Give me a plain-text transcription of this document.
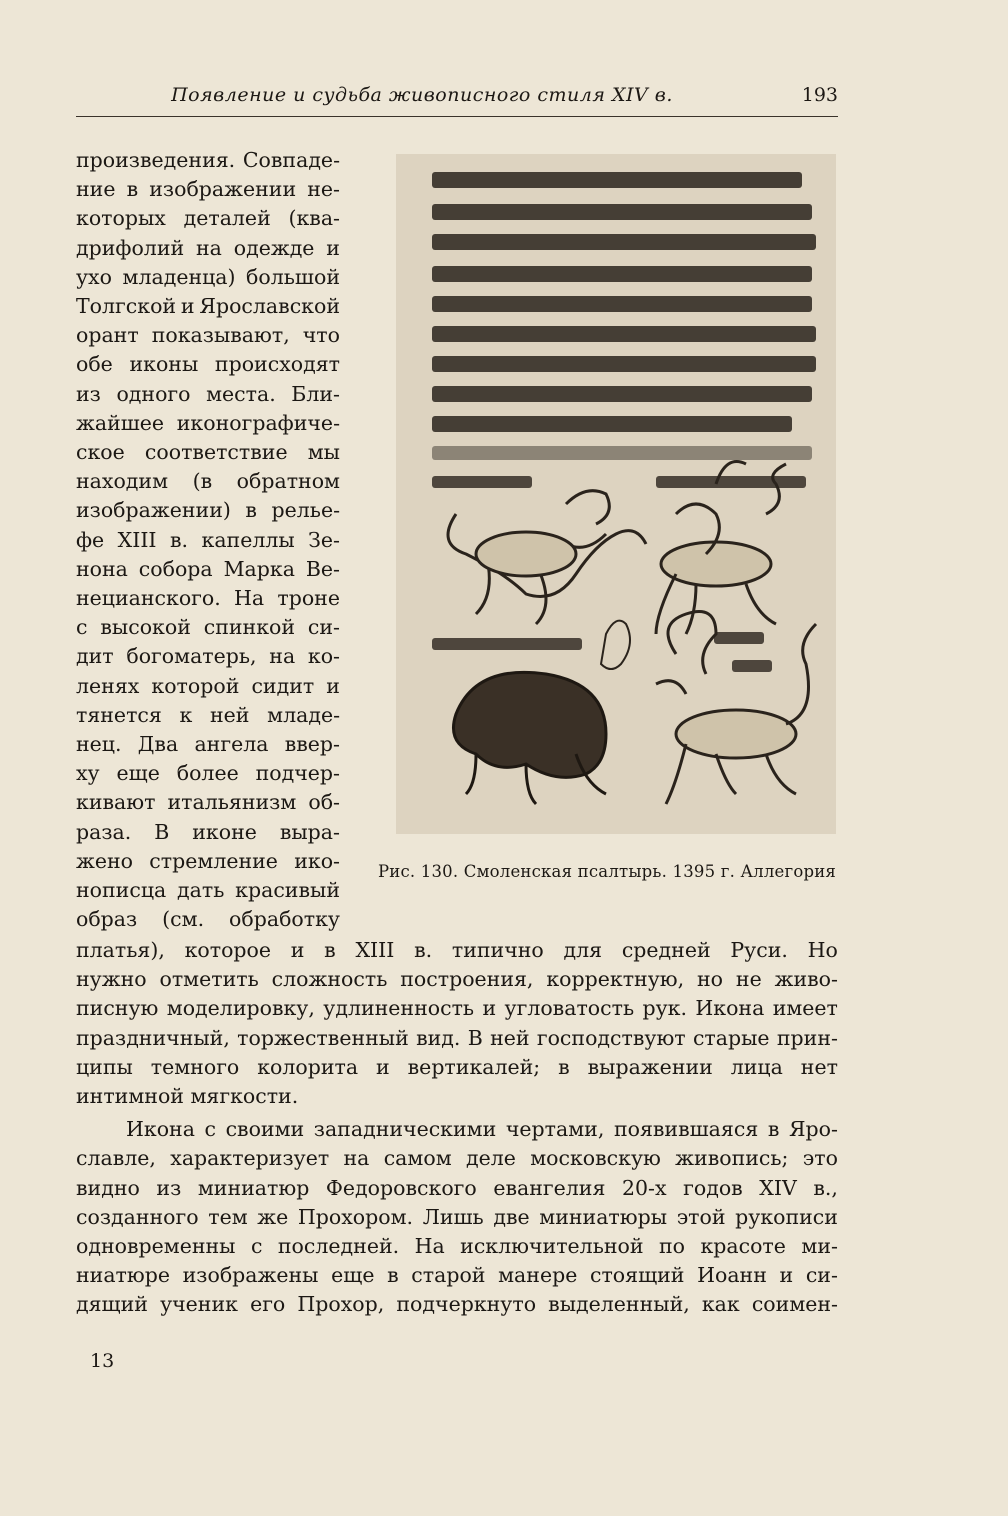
Появление и судьба живописного стиля XIV в.	193

произведения. Совпаде-
ние в изображении не-
которых деталей (ква-
дрифолий на одежде и
ухо младенца) большой
Толгской и Ярославской
орант показывают, что
обе иконы происходят
из одного места. Бли-
жайшее иконографиче-
ское соответствие мы
находим (в обратном
изображении) в релье-
фе XIII в. капеллы Зе-
нона собора Марка Ве-
нецианского. На троне
с высокой спинкой си-
дит богоматерь, на ко-
ленях которой сидит и
тянется к ней младе-
нец. Два ангела ввер-
ху еще более подчер-
кивают итальянизм об-
раза. В иконе выра-
жено стремление ико-
нописца дать красивый
образ (см. обработку

Рис. 130. Смоленская псалтырь. 1395 г. Аллегория

платья), которое и в XIII в. типично для средней Руси. Но
нужно отметить сложность построения, корректную, но не живо-
писную моделировку, удлиненность и угловатость рук. Икона имеет
праздничный, торжественный вид. В ней господствуют старые прин-
ципы темного колорита и вертикалей; в выражении лица нет

интимной мягкости.

Икона с своими западническими чертами, появившаяся в Яро-
славле, характеризует на самом деле московскую живопись; это
видно из миниатюр Федоровского евангелия 20-х годов XIV в.,
созданного тем же Прохором. Лишь две миниатюры этой рукописи
одновременны с последней. На исключительной по красоте ми-
ниатюре изображены еще в старой манере стоящий Иоанн и си-
дящий ученик его Прохор, подчеркнуто выделенный, как соимен-

13
